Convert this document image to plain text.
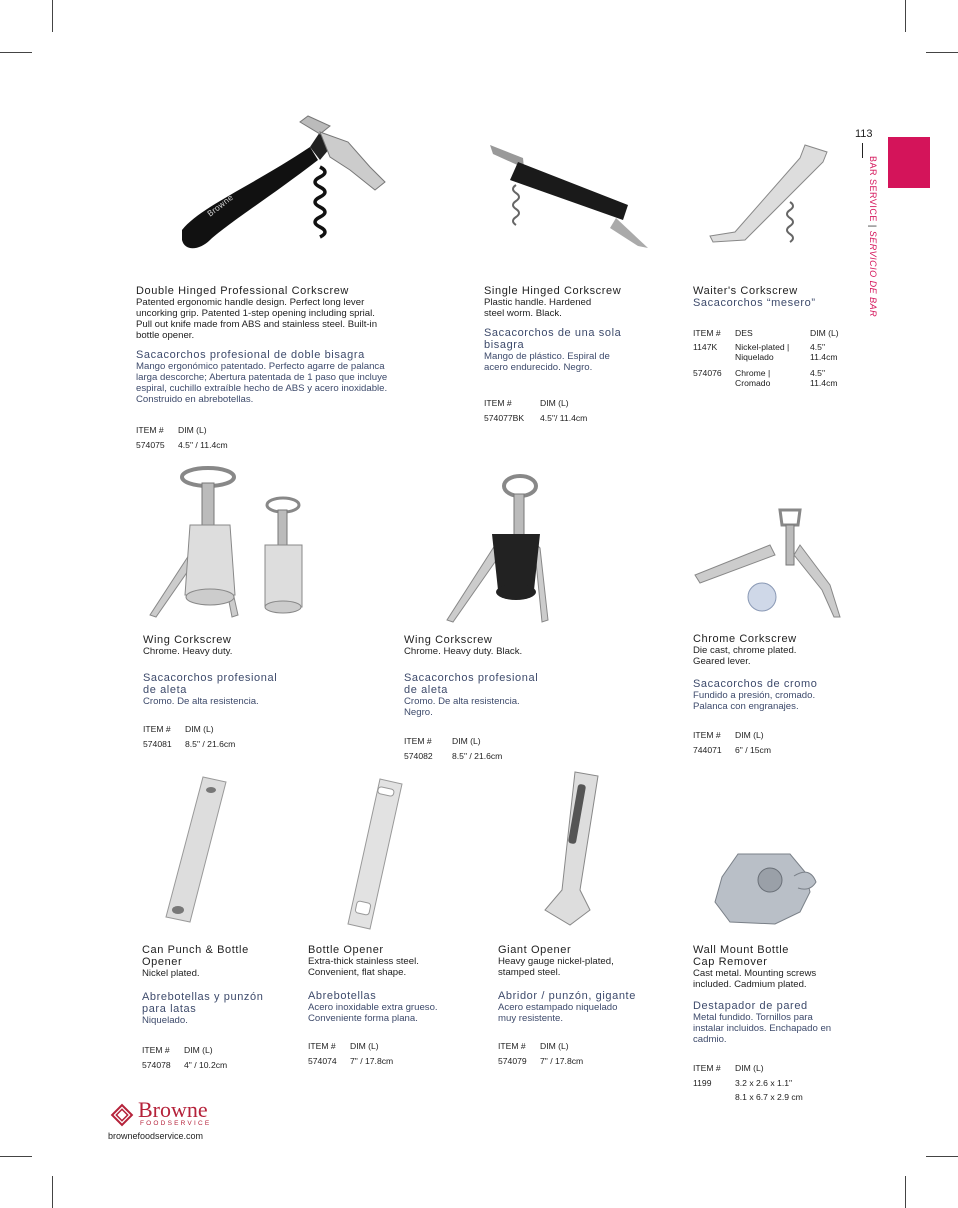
113
BAR SERVICE | SERVICIO DE BAR
Browne
Double Hinged Professional Corkscrew
Patented ergonomic handle design. Perfect long lever
uncorking grip. Patented 1-step opening including sprial.
Pull out knife made from ABS and stainless steel. Built-in
bottle opener.
Sacacorchos profesional de doble bisagra
Mango ergonómico patentado. Perfecto agarre de palanca
larga descorche; Abertura patentada de 1 paso que incluye
espiral, cuchillo extraíble hecho de ABS y acero inoxidable.
Construido en abrebotellas.
ITEM # DIM (L)
574075 4.5" / 11.4cm
Single Hinged Corkscrew
Plastic handle. Hardened
steel worm. Black.
Sacacorchos de una sola
bisagra
Mango de plástico. Espiral de
acero endurecido. Negro.
ITEM #	DIM (L)
574077BK 4.5"/ 11.4cm
Waiter's Corkscrew
Sacacorchos “mesero”
ITEM # DES	DIM (L)
1147K Nickel-plated | 4.5"
Niquelado	11.4cm
574076 Chrome |	4.5"
Cromado	11.4cm
Wing Corkscrew
Chrome. Heavy duty.
Sacacorchos profesional
de aleta
Cromo. De alta resistencia.
ITEM # DIM (L)
574081 8.5" / 21.6cm
Wing Corkscrew
Chrome. Heavy duty. Black.
Sacacorchos profesional
de aleta
Cromo. De alta resistencia.
Negro.
ITEM # DIM (L)
574082 8.5" / 21.6cm
Chrome Corkscrew
Die cast, chrome plated.
Geared lever.
Sacacorchos de cromo
Fundido a presión, cromado.
Palanca con engranajes.
ITEM # DIM (L)
744071 6" / 15cm
Can Punch & Bottle
Opener
Nickel plated.
Abrebotellas y punzón
para latas
Niquelado.
ITEM # DIM (L)
574078 4" / 10.2cm
Bottle Opener
Extra-thick stainless steel.
Convenient, flat shape.
Abrebotellas
Acero inoxidable extra grueso.
Conveniente forma plana.
ITEM # DIM (L)
574074 7" / 17.8cm
Giant Opener
Heavy gauge nickel-plated,
stamped steel.
Abridor / punzón, gigante
Acero estampado niquelado
muy resistente.
ITEM # DIM (L)
574079 7" / 17.8cm
Wall Mount Bottle
Cap Remover
Cast metal. Mounting screws
included. Cadmium plated.
Destapador de pared
Metal fundido. Tornillos para
instalar incluidos. Enchapado en
cadmio.
ITEM # DIM (L)
1199	3.2 x 2.6 x 1.1"
8.1 x 6.7 x 2.9 cm
Browne
FOODSERVICE
brownefoodservice.com
